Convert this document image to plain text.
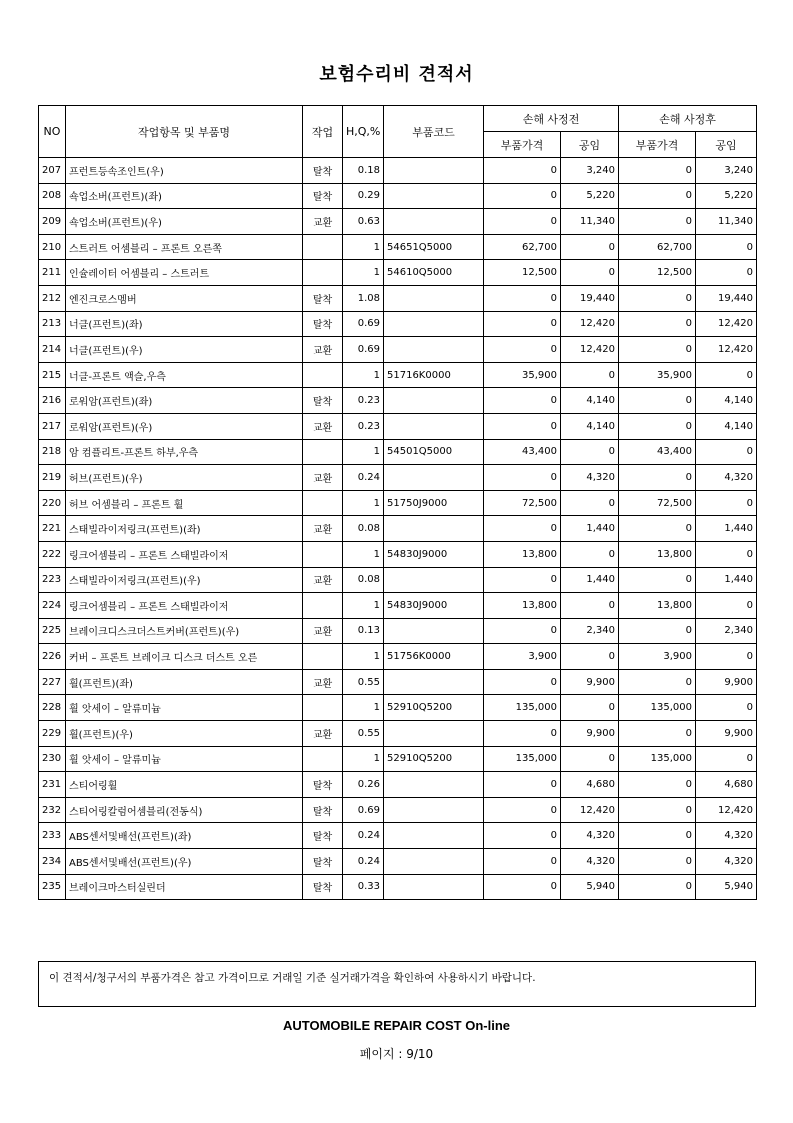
보험수리비 견적서
NO	작업항목 및 부품명	작업	H,Q,%	부품코드	손해 사정전		손해 사정후	
					부품가격	공임	부품가격	공임
207	프런트등속조인트(우)	탈착	0.18		0	3,240	0	3,240
208	쇽업소버(프런트)(좌)	탈착	0.29		0	5,220	0	5,220
209	쇽업소버(프런트)(우)	교환	0.63		0	11,340	0	11,340
210	스트러트 어셈블리 – 프론트 오른쪽		1	54651Q5000	62,700	0	62,700	0
211	인슐레이터 어셈블리 – 스트러트		1	54610Q5000	12,500	0	12,500	0
212	엔진크로스멤버	탈착	1.08		0	19,440	0	19,440
213	너클(프런트)(좌)	탈착	0.69		0	12,420	0	12,420
214	너클(프런트)(우)	교환	0.69		0	12,420	0	12,420
215	너클-프론트 액슬,우측		1	51716K0000	35,900	0	35,900	0
216	로워암(프런트)(좌)	탈착	0.23		0	4,140	0	4,140
217	로워암(프런트)(우)	교환	0.23		0	4,140	0	4,140
218	암 컴플리트-프론트 하부,우측		1	54501Q5000	43,400	0	43,400	0
219	허브(프런트)(우)	교환	0.24		0	4,320	0	4,320
220	허브 어셈블리 – 프론트 휠		1	51750J9000	72,500	0	72,500	0
221	스태빌라이저링크(프런트)(좌)	교환	0.08		0	1,440	0	1,440
222	링크어셈블리 – 프론트 스태빌라이저		1	54830J9000	13,800	0	13,800	0
223	스태빌라이저링크(프런트)(우)	교환	0.08		0	1,440	0	1,440
224	링크어셈블리 – 프론트 스태빌라이저		1	54830J9000	13,800	0	13,800	0
225	브레이크디스크더스트커버(프런트)(우)	교환	0.13		0	2,340	0	2,340
226	커버 – 프론트 브레이크 디스크 더스트 오른		1	51756K0000	3,900	0	3,900	0
227	휠(프런트)(좌)	교환	0.55		0	9,900	0	9,900
228	휠 앗세이 – 알류미늄		1	52910Q5200	135,000	0	135,000	0
229	휠(프런트)(우)	교환	0.55		0	9,900	0	9,900
230	휠 앗세이 – 알류미늄		1	52910Q5200	135,000	0	135,000	0
231	스티어링휠	탈착	0.26		0	4,680	0	4,680
232	스티어링칼럼어셈블리(전동식)	탈착	0.69		0	12,420	0	12,420
233	ABS센서및배선(프런트)(좌)	탈착	0.24		0	4,320	0	4,320
234	ABS센서및배선(프런트)(우)	탈착	0.24		0	4,320	0	4,320
235	브레이크마스터실린더	탈착	0.33		0	5,940	0	5,940
이 견적서/청구서의 부품가격은 참고 가격이므로 거래일 기준 실거래가격을 확인하여 사용하시기 바랍니다.
AUTOMOBILE REPAIR COST On-line
페이지 : 9/10
